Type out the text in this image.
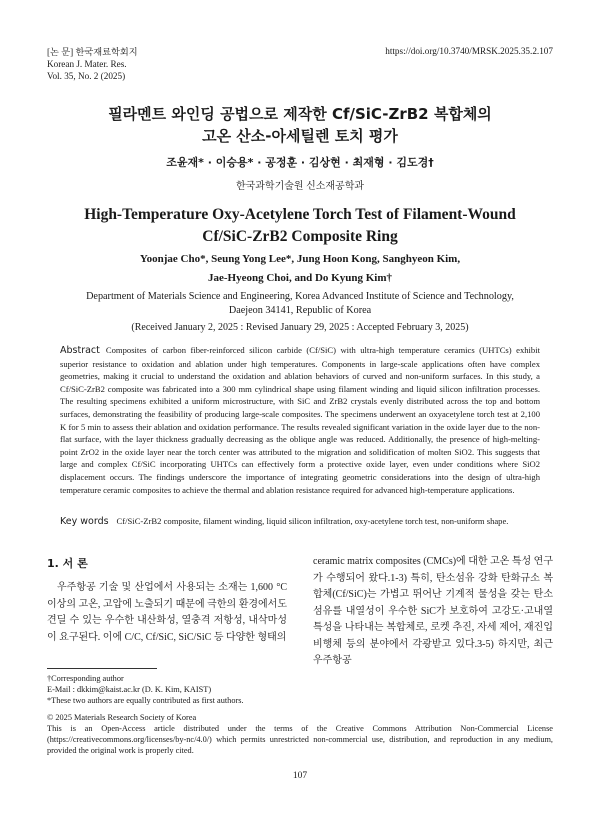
[논 문] 한국재료학회지
Korean J. Mater. Res.
Vol. 35, No. 2 (2025)
https://doi.org/10.3740/MRSK.2025.35.2.107
필라멘트 와인딩 공법으로 제작한 Cf/SiC-ZrB2 복합체의
고온 산소-아세틸렌 토치 평가
조윤재* · 이승용* · 공정훈 · 김상현 · 최재형 · 김도경†
한국과학기술원 신소재공학과
High-Temperature Oxy-Acetylene Torch Test of Filament-Wound
Cf/SiC-ZrB2 Composite Ring
Yoonjae Cho*, Seung Yong Lee*, Jung Hoon Kong, Sanghyeon Kim,
Jae-Hyeong Choi, and Do Kyung Kim†
Department of Materials Science and Engineering, Korea Advanced Institute of Science and Technology,
Daejeon 34141, Republic of Korea
(Received January 2, 2025 : Revised January 29, 2025 : Accepted February 3, 2025)
Abstract Composites of carbon fiber-reinforced silicon carbide (Cf/SiC) with ultra-high temperature ceramics (UHTCs) exhibit superior resistance to oxidation and ablation under high temperatures. Components in large-scale applications often have complex geometries, making it crucial to understand the oxidation and ablation behaviors of curved and non-uniform surfaces. In this study, a Cf/SiC-ZrB2 composite was fabricated into a 300 mm cylindrical shape using filament winding and liquid silicon infiltration processes. The resulting specimens exhibited a uniform microstructure, with SiC and ZrB2 crystals evenly distributed across the top and bottom surfaces, demonstrating the feasibility of producing large-scale composites. The specimens underwent an oxyacetylene torch test at 2,100 K for 5 min to assess their ablation and oxidation performance. The results revealed significant variation in the oxide layer due to the non-flat surface, with the layer thickness gradually decreasing as the oblique angle was reduced. Additionally, the presence of high-melting-point ZrO2 in the oxide layer near the torch center was attributed to the migration and solidification of molten SiO2. This suggests that large and complex Cf/SiC incorporating UHTCs can effectively form a protective oxide layer, even under conditions where SiO2 displacement occurs. The findings underscore the importance of integrating geometric considerations into the design of ultra-high temperature ceramic composites to achieve the thermal and ablation resistance required for advanced high-temperature applications.
Key words Cf/SiC-ZrB2 composite, filament winding, liquid silicon infiltration, oxy-acetylene torch test, non-uniform shape.
1. 서 론
우주항공 기술 및 산업에서 사용되는 소재는 1,600 °C 이상의 고온, 고압에 노출되기 때문에 극한의 환경에서도 견딜 수 있는 우수한 내산화성, 열충격 저항성, 내삭마성이 요구된다. 이에 C/C, Cf/SiC, SiC/SiC 등 다양한 형태의
ceramic matrix composites (CMCs)에 대한 고온 특성 연구가 수행되어 왔다.1-3) 특히, 탄소섬유 강화 탄화규소 복합체(Cf/SiC)는 가볍고 뛰어난 기계적 물성을 갖는 탄소 섬유를 내열성이 우수한 SiC가 보호하여 고강도·고내열 특성을 나타내는 복합체로, 로켓 추진, 자세 제어, 재진입 비행체 등의 분야에서 각광받고 있다.3-5) 하지만, 최근 우주항공
†Corresponding author
E-Mail : dkkim@kaist.ac.kr (D. K. Kim, KAIST)
*These two authors are equally contributed as first authors.
© 2025 Materials Research Society of Korea
This is an Open-Access article distributed under the terms of the Creative Commons Attribution Non-Commercial License (https://creativecommons.org/licenses/by-nc/4.0/) which permits unrestricted non-commercial use, distribution, and reproduction in any medium, provided the original work is properly cited.
107
